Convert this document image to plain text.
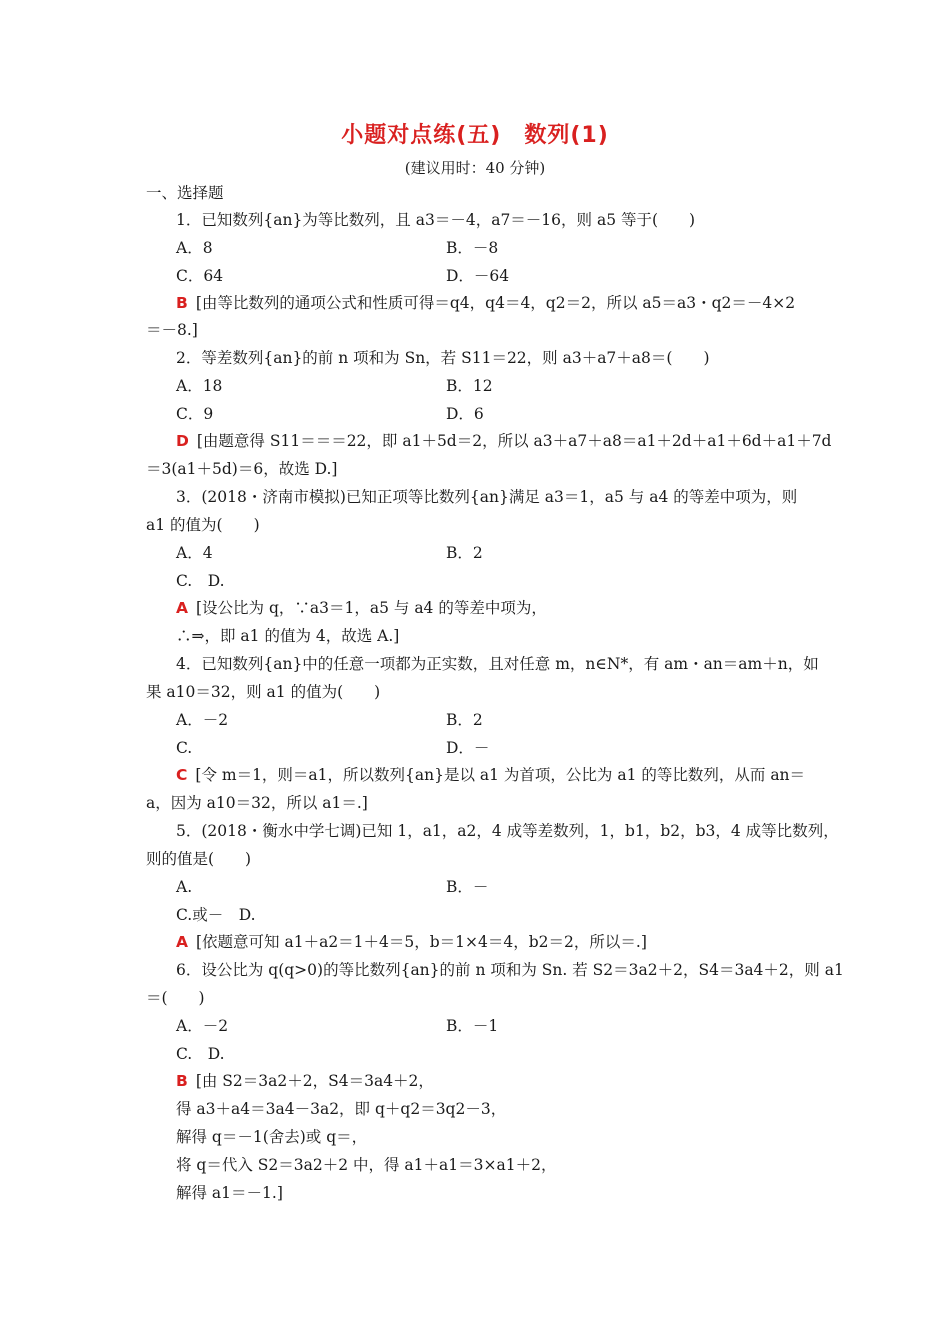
小题对点练(五)　数列(1)
(建议用时：40 分钟)
一、选择题
1．已知数列{an}为等比数列，且 a3＝－4，a7＝－16，则 a5 等于(　　)
A．8	B．－8
C．64	D．－64
B [由等比数列的通项公式和性质可得＝q4，q4＝4，q2＝2，所以 a5＝a3・q2＝－4×2
＝－8.]
2．等差数列{an}的前 n 项和为 Sn，若 S11＝22，则 a3＋a7＋a8＝(　　)
A．18	B．12
C．9	D．6
D [由题意得 S11＝＝＝22，即 a1＋5d＝2，所以 a3＋a7＋a8＝a1＋2d＋a1＋6d＋a1＋7d
＝3(a1＋5d)＝6，故选 D.]
3．(2018・济南市模拟)已知正项等比数列{an}满足 a3＝1，a5 与 a4 的等差中项为，则
a1 的值为(　　)
A．4	B．2
C.　D.
A [设公比为 q，∵a3＝1，a5 与 a4 的等差中项为，
∴⇒，即 a1 的值为 4，故选 A.]
4．已知数列{an}中的任意一项都为正实数，且对任意 m，n∈N*，有 am・an＝am＋n，如
果 a10＝32，则 a1 的值为(　　)
A．－2	B．2
C.	D．－
C [令 m＝1，则＝a1，所以数列{an}是以 a1 为首项，公比为 a1 的等比数列，从而 an＝
a，因为 a10＝32，所以 a1＝.]
5．(2018・衡水中学七调)已知 1，a1，a2，4 成等差数列，1，b1，b2，b3，4 成等比数列，
则的值是(　　)
A.	B．－
C.或－　D.
A [依题意可知 a1＋a2＝1＋4＝5，b＝1×4＝4，b2＝2，所以＝.]
6．设公比为 q(q>0)的等比数列{an}的前 n 项和为 Sn. 若 S2＝3a2＋2，S4＝3a4＋2，则 a1
＝(　　)
A．－2	B．－1
C.　D.
B [由 S2＝3a2＋2，S4＝3a4＋2，
得 a3＋a4＝3a4－3a2，即 q＋q2＝3q2－3，
解得 q＝－1(舍去)或 q＝，
将 q＝代入 S2＝3a2＋2 中，得 a1＋a1＝3×a1＋2，
解得 a1＝－1.]
